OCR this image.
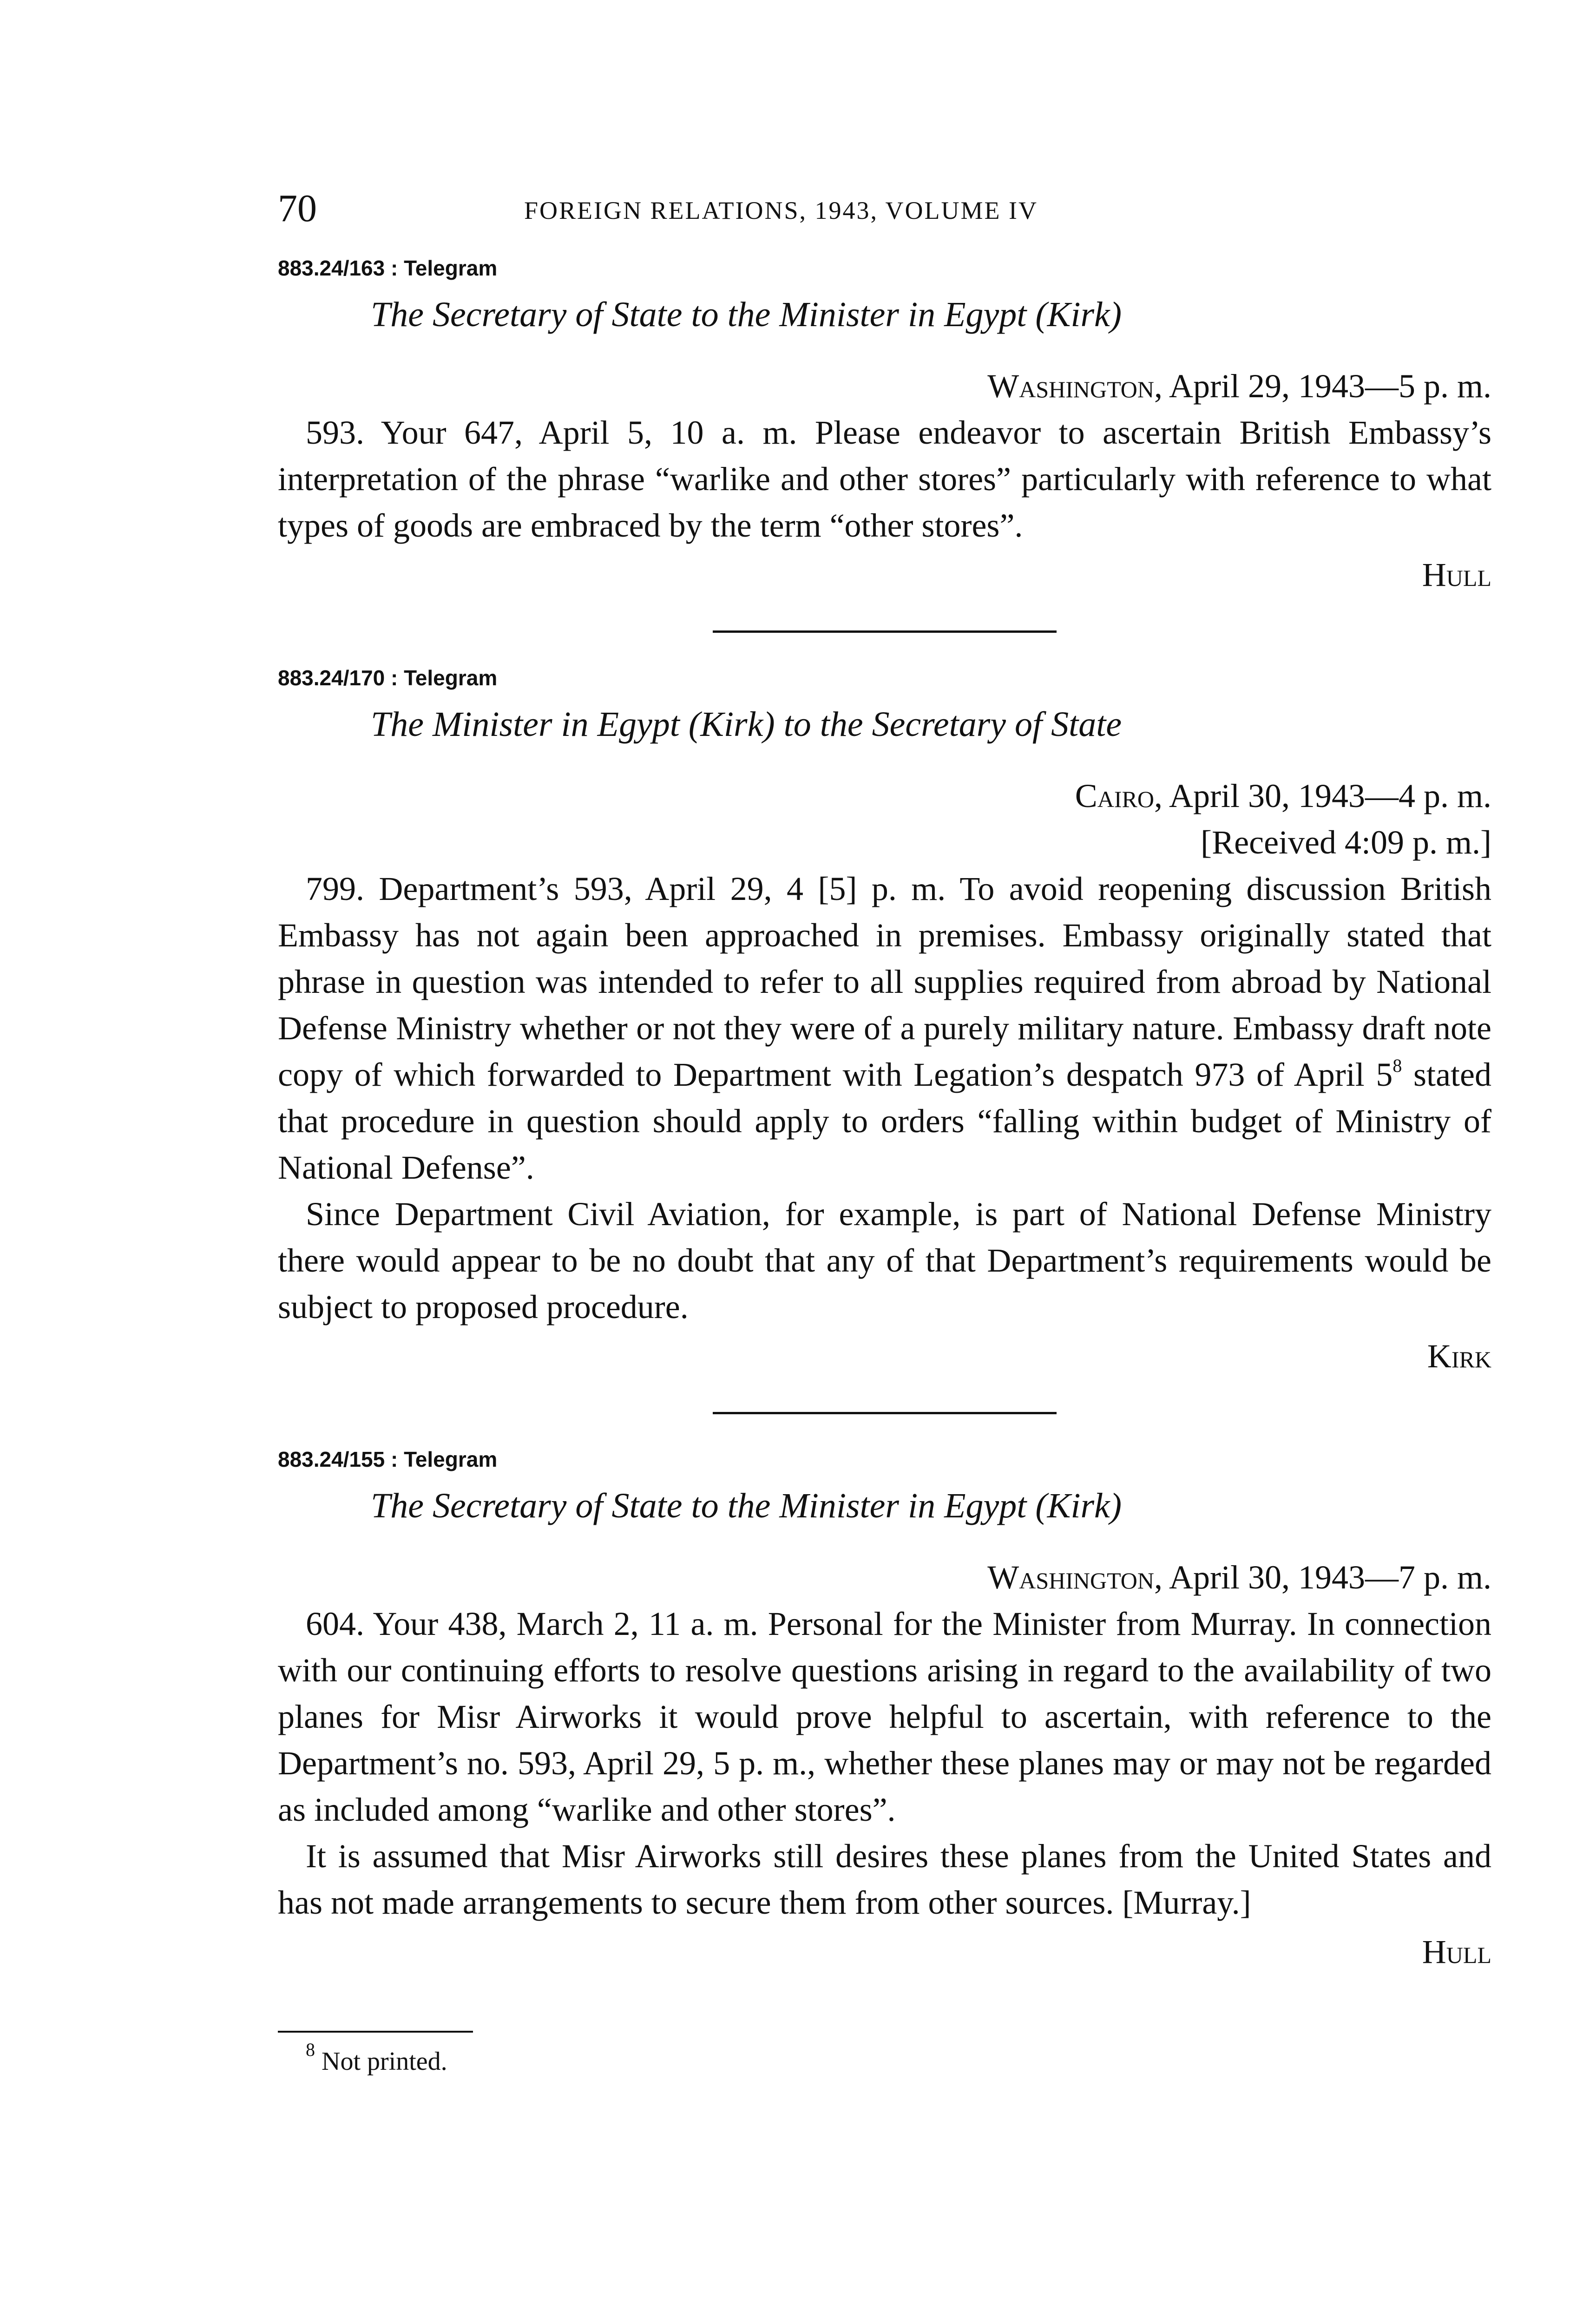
70	FOREIGN RELATIONS, 1943, VOLUME IV

883.24/163 : Telegram

The Secretary of State to the Minister in Egypt (Kirk)

Washington, April 29, 1943—5 p. m.

593. Your 647, April 5, 10 a. m. Please endeavor to ascertain British Embassy’s interpretation of the phrase “warlike and other stores” particularly with reference to what types of goods are embraced by the term “other stores”.

Hull

883.24/170 : Telegram

The Minister in Egypt (Kirk) to the Secretary of State

Cairo, April 30, 1943—4 p. m.

[Received 4:09 p. m.]

799. Department’s 593, April 29, 4 [5] p. m. To avoid reopening discussion British Embassy has not again been approached in premises. Embassy originally stated that phrase in question was intended to refer to all supplies required from abroad by National Defense Ministry whether or not they were of a purely military nature. Embassy draft note copy of which forwarded to Department with Legation’s despatch 973 of April $5^8$ stated that procedure in question should apply to orders “falling within budget of Ministry of National Defense”.

Since Department Civil Aviation, for example, is part of National Defense Ministry there would appear to be no doubt that any of that Department’s requirements would be subject to proposed procedure.

Kirk

883.24/155 : Telegram

The Secretary of State to the Minister in Egypt (Kirk)

Washington, April 30, 1943—7 p. m.

604. Your 438, March 2, 11 a. m. Personal for the Minister from Murray. In connection with our continuing efforts to resolve questions arising in regard to the availability of two planes for Misr Airworks it would prove helpful to ascertain, with reference to the Department’s no. 593, April 29, 5 p. m., whether these planes may or may not be regarded as included among “warlike and other stores”.

It is assumed that Misr Airworks still desires these planes from the United States and has not made arrangements to secure them from other sources. [Murray.]

Hull

$^8$ Not printed.
